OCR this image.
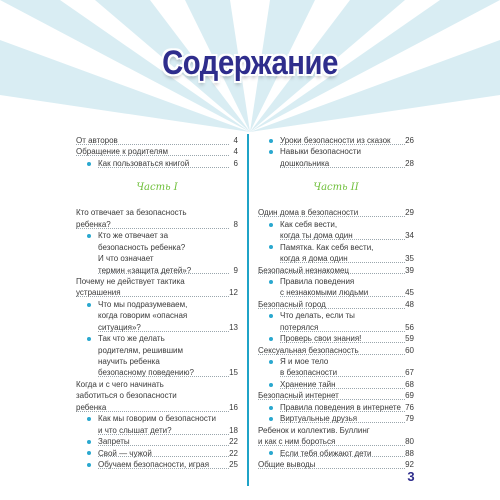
Содержание
От авторов	4
Обращение к родителям	4
Как пользоваться книгой	6
Часть I
Кто отвечает за безопасность
ребенка?	8
Кто же отвечает за
безопасность ребенка?
И что означает
термин «защита детей»?	9
Почему не действует тактика
устрашения	12
Что мы подразумеваем,
когда говорим «опасная
ситуация»?	13
Так что же делать
родителям, решившим
научить ребенка
безопасному поведению?	15
Когда и с чего начинать
заботиться о безопасности
ребенка	16
Как мы говорим о безопасности
и что слышат дети?	18
Запреты	22
Свой — чужой	22
Обучаем безопасности, играя	25
Уроки безопасности из сказок 26
Навыки безопасности
дошкольника	28
Часть II
Один дома в безопасности	29
Как себя вести,
когда ты дома один	34
Памятка. Как себя вести,
когда я дома один	35
Безопасный незнакомец	39
Правила поведения
с незнакомыми людьми	45
Безопасный город	48
Что делать, если ты
потерялся	56
Проверь свои знания!	59
Сексуальная безопасность	60
Я и мое тело
в безопасности	67
Хранение тайн	68
Безопасный интернет	69
Правила поведения в интернете 76
Виртуальные друзья	79
Ребенок и коллектив. Буллинг
и как с ним бороться	80
Если тебя обижают дети	88
Общие выводы	92
3
